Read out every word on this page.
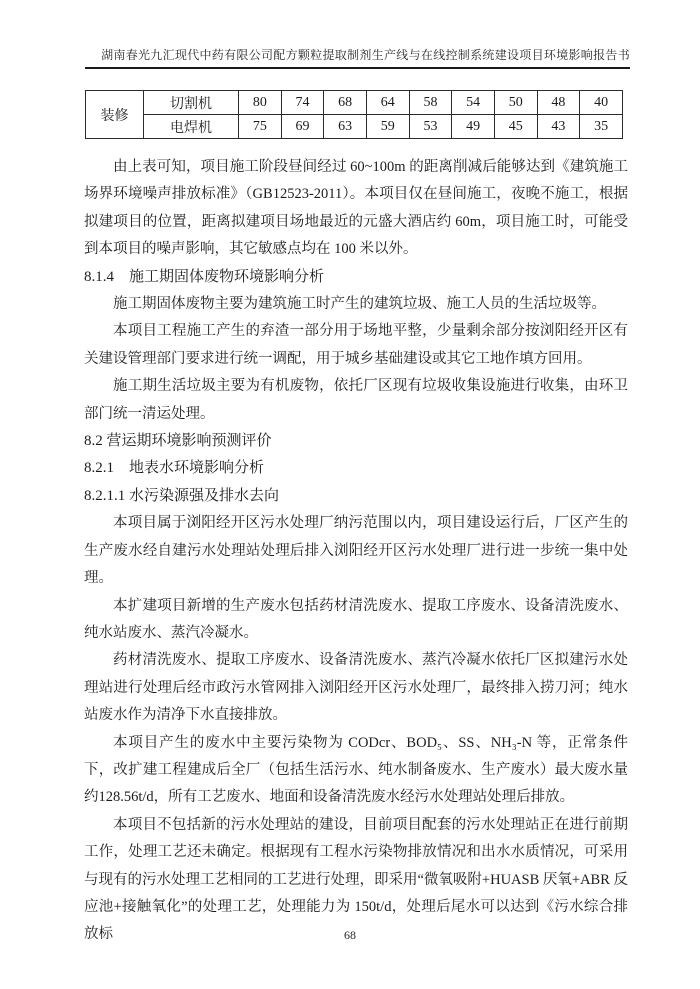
湖南春光九汇现代中药有限公司配方颗粒提取制剂生产线与在线控制系统建设项目环境影响报告书
装修	切割机	80	74	68	64	58	54	50	48	40
	电焊机	75	69	63	59	53	49	45	43	35

由上表可知，项目施工阶段昼间经过 60~100m 的距离削减后能够达到《建筑施工场界环境噪声排放标准》（GB12523-2011）。本项目仅在昼间施工，夜晚不施工，根据拟建项目的位置，距离拟建项目场地最近的元盛大酒店约 60m，项目施工时，可能受到本项目的噪声影响，其它敏感点均在 100 米以外。

8.1.4　施工期固体废物环境影响分析

施工期固体废物主要为建筑施工时产生的建筑垃圾、施工人员的生活垃圾等。

本项目工程施工产生的弃渣一部分用于场地平整，少量剩余部分按浏阳经开区有关建设管理部门要求进行统一调配，用于城乡基础建设或其它工地作填方回用。

施工期生活垃圾主要为有机废物，依托厂区现有垃圾收集设施进行收集，由环卫部门统一清运处理。

8.2 营运期环境影响预测评价
8.2.1　地表水环境影响分析
8.2.1.1 水污染源强及排水去向

本项目属于浏阳经开区污水处理厂纳污范围以内，项目建设运行后，厂区产生的生产废水经自建污水处理站处理后排入浏阳经开区污水处理厂进行进一步统一集中处理。

本扩建项目新增的生产废水包括药材清洗废水、提取工序废水、设备清洗废水、纯水站废水、蒸汽冷凝水。

药材清洗废水、提取工序废水、设备清洗废水、蒸汽冷凝水依托厂区拟建污水处理站进行处理后经市政污水管网排入浏阳经开区污水处理厂，最终排入捞刀河；纯水站废水作为清净下水直接排放。

本项目产生的废水中主要污染物为 CODcr、BOD₅、SS、NH₃-N 等，正常条件下，改扩建工程建成后全厂（包括生活污水、纯水制备废水、生产废水）最大废水量约128.56t/d，所有工艺废水、地面和设备清洗废水经污水处理站处理后排放。

本项目不包括新的污水处理站的建设，目前项目配套的污水处理站正在进行前期工作，处理工艺还未确定。根据现有工程水污染物排放情况和出水水质情况，可采用与现有的污水处理工艺相同的工艺进行处理，即采用“微氧吸附+HUASB 厌氧+ABR 反应池+接触氧化”的处理工艺，处理能力为 150t/d，处理后尾水可以达到《污水综合排放标	68
